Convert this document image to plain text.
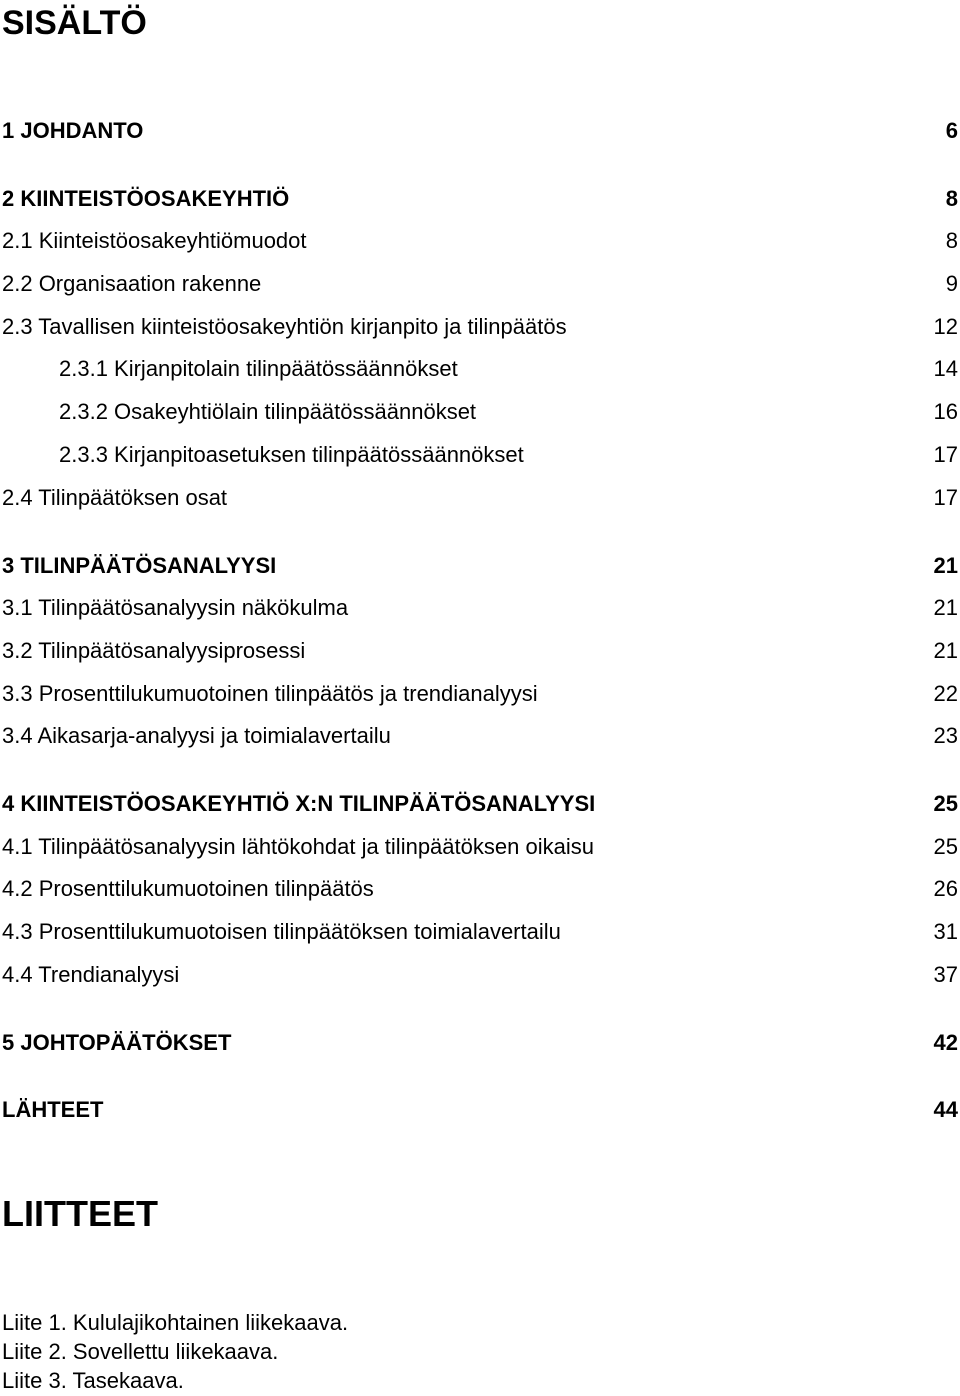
SISÄLTÖ
1 JOHDANTO	6
2 KIINTEISTÖOSAKEYHTIÖ	8
2.1 Kiinteistöosakeyhtiömuodot	8
2.2 Organisaation rakenne	9
2.3 Tavallisen kiinteistöosakeyhtiön kirjanpito ja tilinpäätös	12
2.3.1 Kirjanpitolain tilinpäätössäännökset	14
2.3.2 Osakeyhtiölain tilinpäätössäännökset	16
2.3.3 Kirjanpitoasetuksen tilinpäätössäännökset	17
2.4 Tilinpäätöksen osat	17
3 TILINPÄÄTÖSANALYYSI	21
3.1 Tilinpäätösanalyysin näkökulma	21
3.2 Tilinpäätösanalyysiprosessi	21
3.3 Prosenttilukumuotoinen tilinpäätös ja trendianalyysi	22
3.4 Aikasarja-analyysi ja toimialavertailu	23
4 KIINTEISTÖOSAKEYHTIÖ X:N TILINPÄÄTÖSANALYYSI	25
4.1 Tilinpäätösanalyysin lähtökohdat ja tilinpäätöksen oikaisu	25
4.2 Prosenttilukumuotoinen tilinpäätös	26
4.3 Prosenttilukumuotoisen tilinpäätöksen toimialavertailu	31
4.4 Trendianalyysi	37
5 JOHTOPÄÄTÖKSET	42
LÄHTEET	44
LIITTEET
Liite 1. Kululajikohtainen liikekaava.
Liite 2. Sovellettu liikekaava.
Liite 3. Tasekaava.
